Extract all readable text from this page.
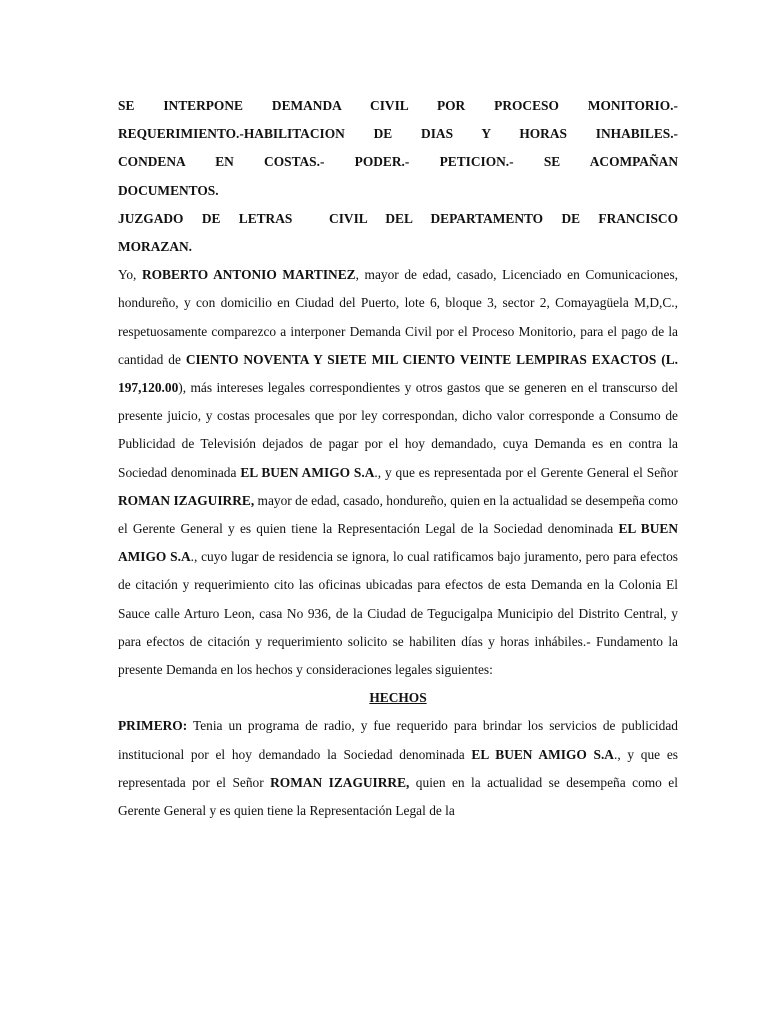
SE INTERPONE DEMANDA CIVIL POR PROCESO MONITORIO.-

REQUERIMIENTO.-HABILITACION DE DIAS Y HORAS INHABILES.-

CONDENA EN COSTAS.- PODER.- PETICION.- SE ACOMPAÑAN

DOCUMENTOS.

JUZGADO DE LETRAS  CIVIL DEL DEPARTAMENTO DE FRANCISCO

MORAZAN.

Yo, ROBERTO ANTONIO MARTINEZ, mayor de edad, casado, Licenciado en Comunicaciones, hondureño, y con domicilio en Ciudad del Puerto, lote 6, bloque 3, sector 2, Comayagüela M,D,C., respetuosamente comparezco a interponer Demanda Civil por el Proceso Monitorio, para el pago de la cantidad de CIENTO NOVENTA Y SIETE MIL CIENTO VEINTE LEMPIRAS EXACTOS (L. 197,120.00), más intereses legales correspondientes y otros gastos que se generen en el transcurso del presente juicio, y costas procesales que por ley correspondan, dicho valor corresponde a Consumo de Publicidad de Televisión dejados de pagar por el hoy demandado, cuya Demanda es en contra la Sociedad denominada EL BUEN AMIGO S.A., y que es representada por el Gerente General el Señor ROMAN IZAGUIRRE, mayor de edad, casado, hondureño, quien en la actualidad se desempeña como el Gerente General y es quien tiene la Representación Legal de la Sociedad denominada EL BUEN AMIGO S.A., cuyo lugar de residencia se ignora, lo cual ratificamos bajo juramento, pero para efectos de citación y requerimiento cito las oficinas ubicadas para efectos de esta Demanda en la Colonia El Sauce calle Arturo Leon, casa No 936, de la Ciudad de Tegucigalpa Municipio del Distrito Central, y para efectos de citación y requerimiento solicito se habiliten días y horas inhábiles.- Fundamento la presente Demanda en los hechos y consideraciones legales siguientes:

HECHOS

PRIMERO: Tenia un programa de radio, y fue requerido para brindar los servicios de publicidad institucional por el hoy demandado la Sociedad denominada EL BUEN AMIGO S.A., y que es representada por el Señor ROMAN IZAGUIRRE, quien en la actualidad se desempeña como el Gerente General y es quien tiene la Representación Legal de la
